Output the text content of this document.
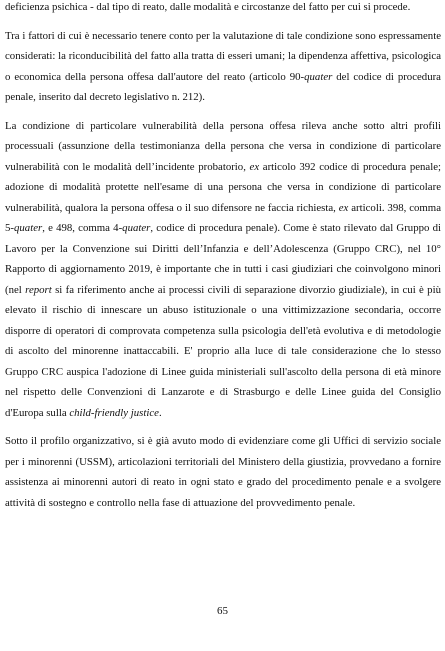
deficienza psichica - dal tipo di reato, dalle modalità e circostanze del fatto per cui si procede.

Tra i fattori di cui è necessario tenere conto per la valutazione di tale condizione sono espressamente considerati: la riconducibilità del fatto alla tratta di esseri umani; la dipendenza affettiva, psicologica o economica della persona offesa dall'autore del reato (articolo 90-quater del codice di procedura penale, inserito dal decreto legislativo n. 212).

La condizione di particolare vulnerabilità della persona offesa rileva anche sotto altri profili processuali (assunzione della testimonianza della persona che versa in condizione di particolare vulnerabilità con le modalità dell’incidente probatorio, ex articolo 392 codice di procedura penale; adozione di modalità protette nell'esame di una persona che versa in condizione di particolare vulnerabilità, qualora la persona offesa o il suo difensore ne faccia richiesta, ex articoli. 398, comma 5-quater, e 498, comma 4-quater, codice di procedura penale). Come è stato rilevato dal Gruppo di Lavoro per la Convenzione sui Diritti dell’Infanzia e dell’Adolescenza (Gruppo CRC), nel 10° Rapporto di aggiornamento 2019, è importante che in tutti i casi giudiziari che coinvolgono minori (nel report si fa riferimento anche ai processi civili di separazione divorzio giudiziale), in cui è più elevato il rischio di innescare un abuso istituzionale o una vittimizzazione secondaria, occorre disporre di operatori di comprovata competenza sulla psicologia dell'età evolutiva e di metodologie di ascolto del minorenne inattaccabili. E' proprio alla luce di tale considerazione che lo stesso Gruppo CRC auspica l'adozione di Linee guida ministeriali sull'ascolto della persona di età minore nel rispetto delle Convenzioni di Lanzarote e di Strasburgo e delle Linee guida del Consiglio d'Europa sulla child-friendly justice.

Sotto il profilo organizzativo, si è già avuto modo di evidenziare come gli Uffici di servizio sociale per i minorenni (USSM), articolazioni territoriali del Ministero della giustizia, provvedano a fornire assistenza ai minorenni autori di reato in ogni stato e grado del procedimento penale e a svolgere attività di sostegno e controllo nella fase di attuazione del provvedimento penale.

65
